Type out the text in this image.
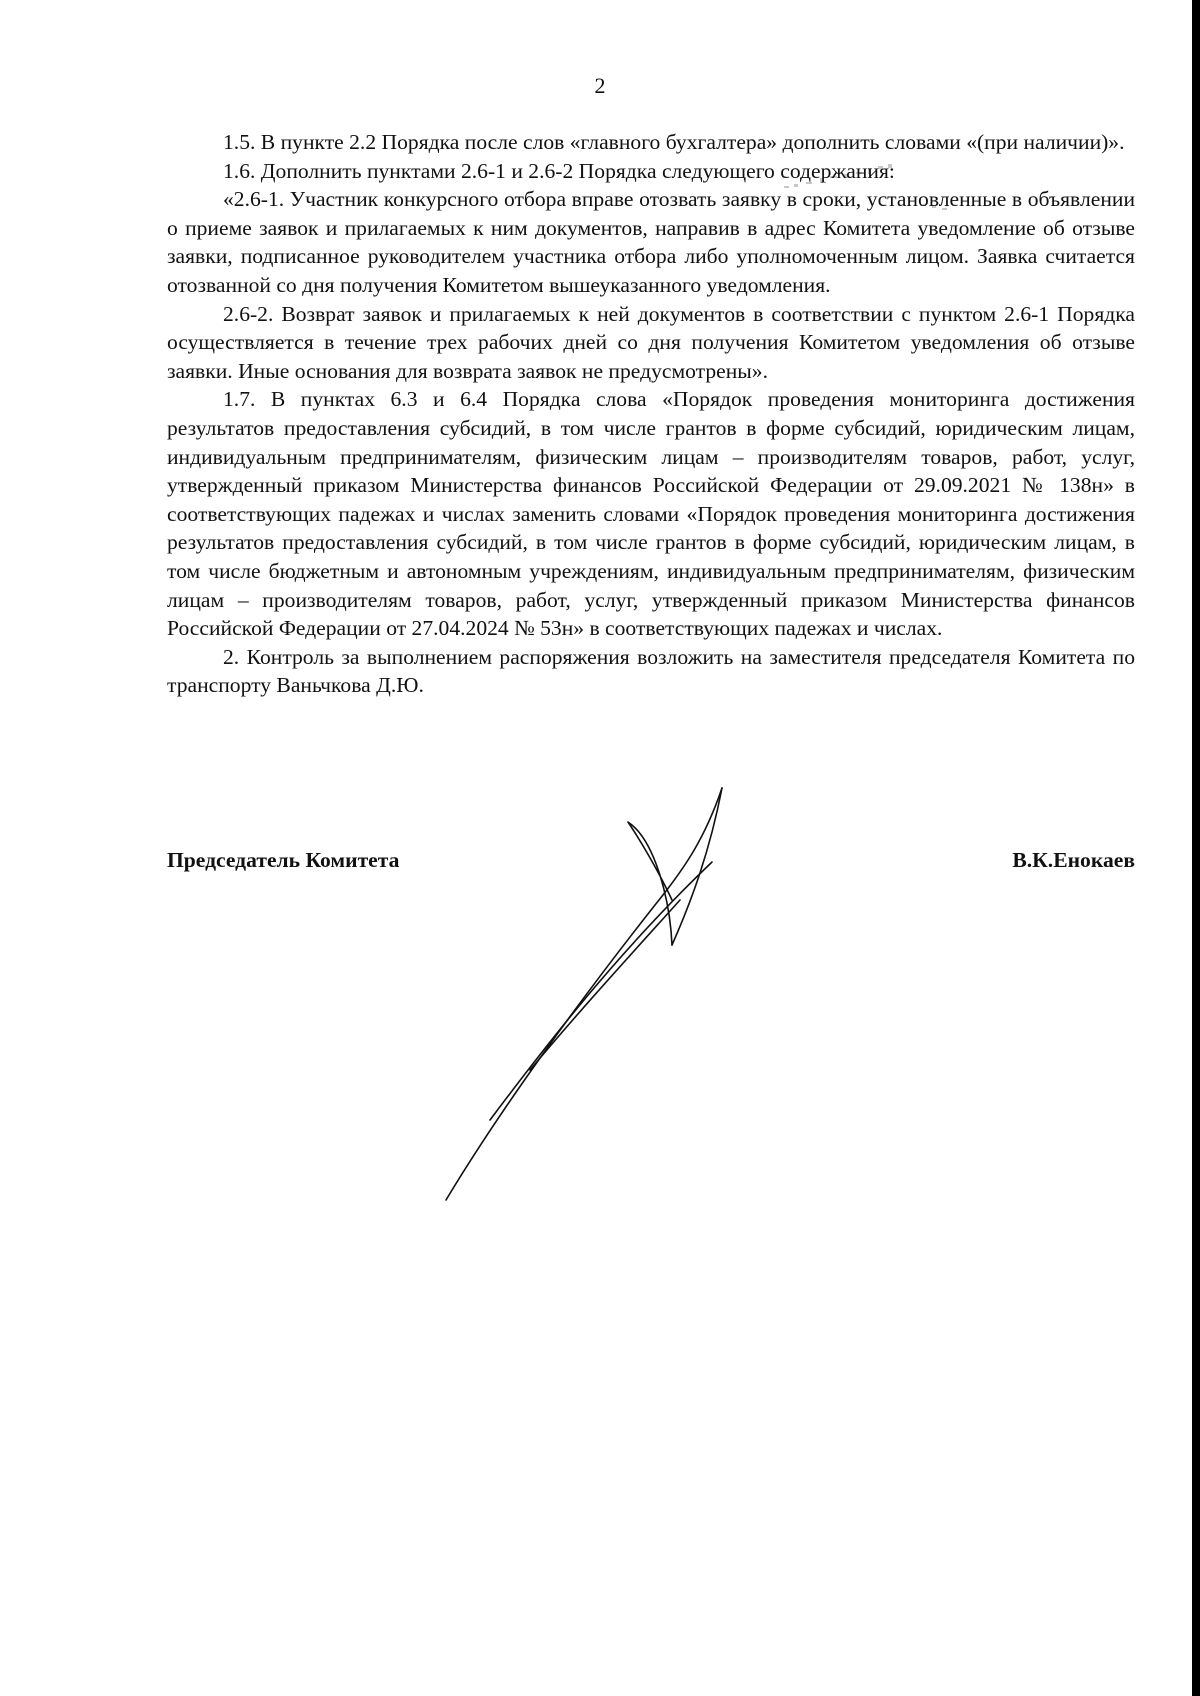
2

1.5. В пункте 2.2 Порядка после слов «главного бухгалтера» дополнить словами «(при наличии)».

1.6. Дополнить пунктами 2.6-1 и 2.6-2 Порядка следующего содержания:

«2.6-1. Участник конкурсного отбора вправе отозвать заявку в сроки, установленные в объявлении о приеме заявок и прилагаемых к ним документов, направив в адрес Комитета уведомление об отзыве заявки, подписанное руководителем участника отбора либо уполномоченным лицом. Заявка считается отозванной со дня получения Комитетом вышеуказанного уведомления.

2.6-2. Возврат заявок и прилагаемых к ней документов в соответствии с пунктом 2.6-1 Порядка осуществляется в течение трех рабочих дней со дня получения Комитетом уведомления об отзыве заявки. Иные основания для возврата заявок не предусмотрены».

1.7. В пунктах 6.3 и 6.4 Порядка слова «Порядок проведения мониторинга достижения результатов предоставления субсидий, в том числе грантов в форме субсидий, юридическим лицам, индивидуальным предпринимателям, физическим лицам – производителям товаров, работ, услуг, утвержденный приказом Министерства финансов Российской Федерации от 29.09.2021 № 138н» в соответствующих падежах и числах заменить словами «Порядок проведения мониторинга достижения результатов предоставления субсидий, в том числе грантов в форме субсидий, юридическим лицам, в том числе бюджетным и автономным учреждениям, индивидуальным предпринимателям, физическим лицам – производителям товаров, работ, услуг, утвержденный приказом Министерства финансов Российской Федерации от 27.04.2024 № 53н» в соответствующих падежах и числах.

2. Контроль за выполнением распоряжения возложить на заместителя председателя Комитета по транспорту Ваньчкова Д.Ю.

Председатель Комитета	В.К.Енокаев
